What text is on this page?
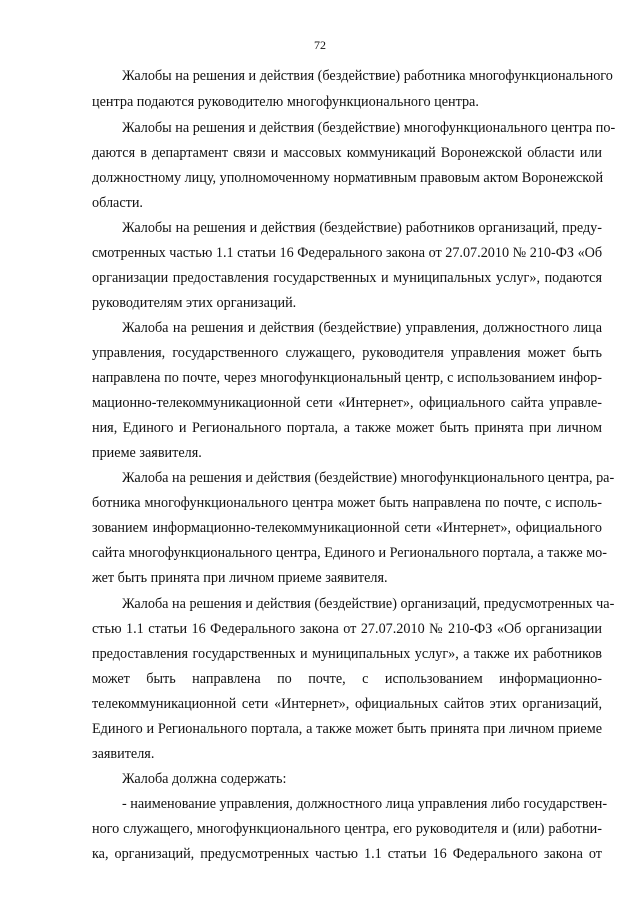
72
Жалобы на решения и действия (бездействие) работника многофункционального
центра подаются руководителю многофункционального центра.
Жалобы на решения и действия (бездействие) многофункционального центра по-
даются в департамент связи и массовых коммуникаций Воронежской области или
должностному лицу, уполномоченному нормативным правовым актом Воронежской
области.
Жалобы на решения и действия (бездействие) работников организаций, преду-
смотренных частью 1.1 статьи 16 Федерального закона от 27.07.2010 № 210-ФЗ «Об
организации предоставления государственных и муниципальных услуг», подаются
руководителям этих организаций.
Жалоба на решения и действия (бездействие) управления, должностного лица
управления, государственного служащего, руководителя управления может быть
направлена по почте, через многофункциональный центр, с использованием инфор-
мационно-телекоммуникационной сети «Интернет», официального сайта управле-
ния, Единого и Регионального портала, а также может быть принята при личном
приеме заявителя.
Жалоба на решения и действия (бездействие) многофункционального центра, ра-
ботника многофункционального центра может быть направлена по почте, с исполь-
зованием информационно-телекоммуникационной сети «Интернет», официального
сайта многофункционального центра, Единого и Регионального портала, а также мо-
жет быть принята при личном приеме заявителя.
Жалоба на решения и действия (бездействие) организаций, предусмотренных ча-
стью 1.1 статьи 16 Федерального закона от 27.07.2010 № 210-ФЗ «Об организации
предоставления государственных и муниципальных услуг», а также их работников
может быть направлена по почте, с использованием информационно-
телекоммуникационной сети «Интернет», официальных сайтов этих организаций,
Единого и Регионального портала, а также может быть принята при личном приеме
заявителя.
Жалоба должна содержать:
- наименование управления, должностного лица управления либо государствен-
ного служащего, многофункционального центра, его руководителя и (или) работни-
ка, организаций, предусмотренных частью 1.1 статьи 16 Федерального закона от
